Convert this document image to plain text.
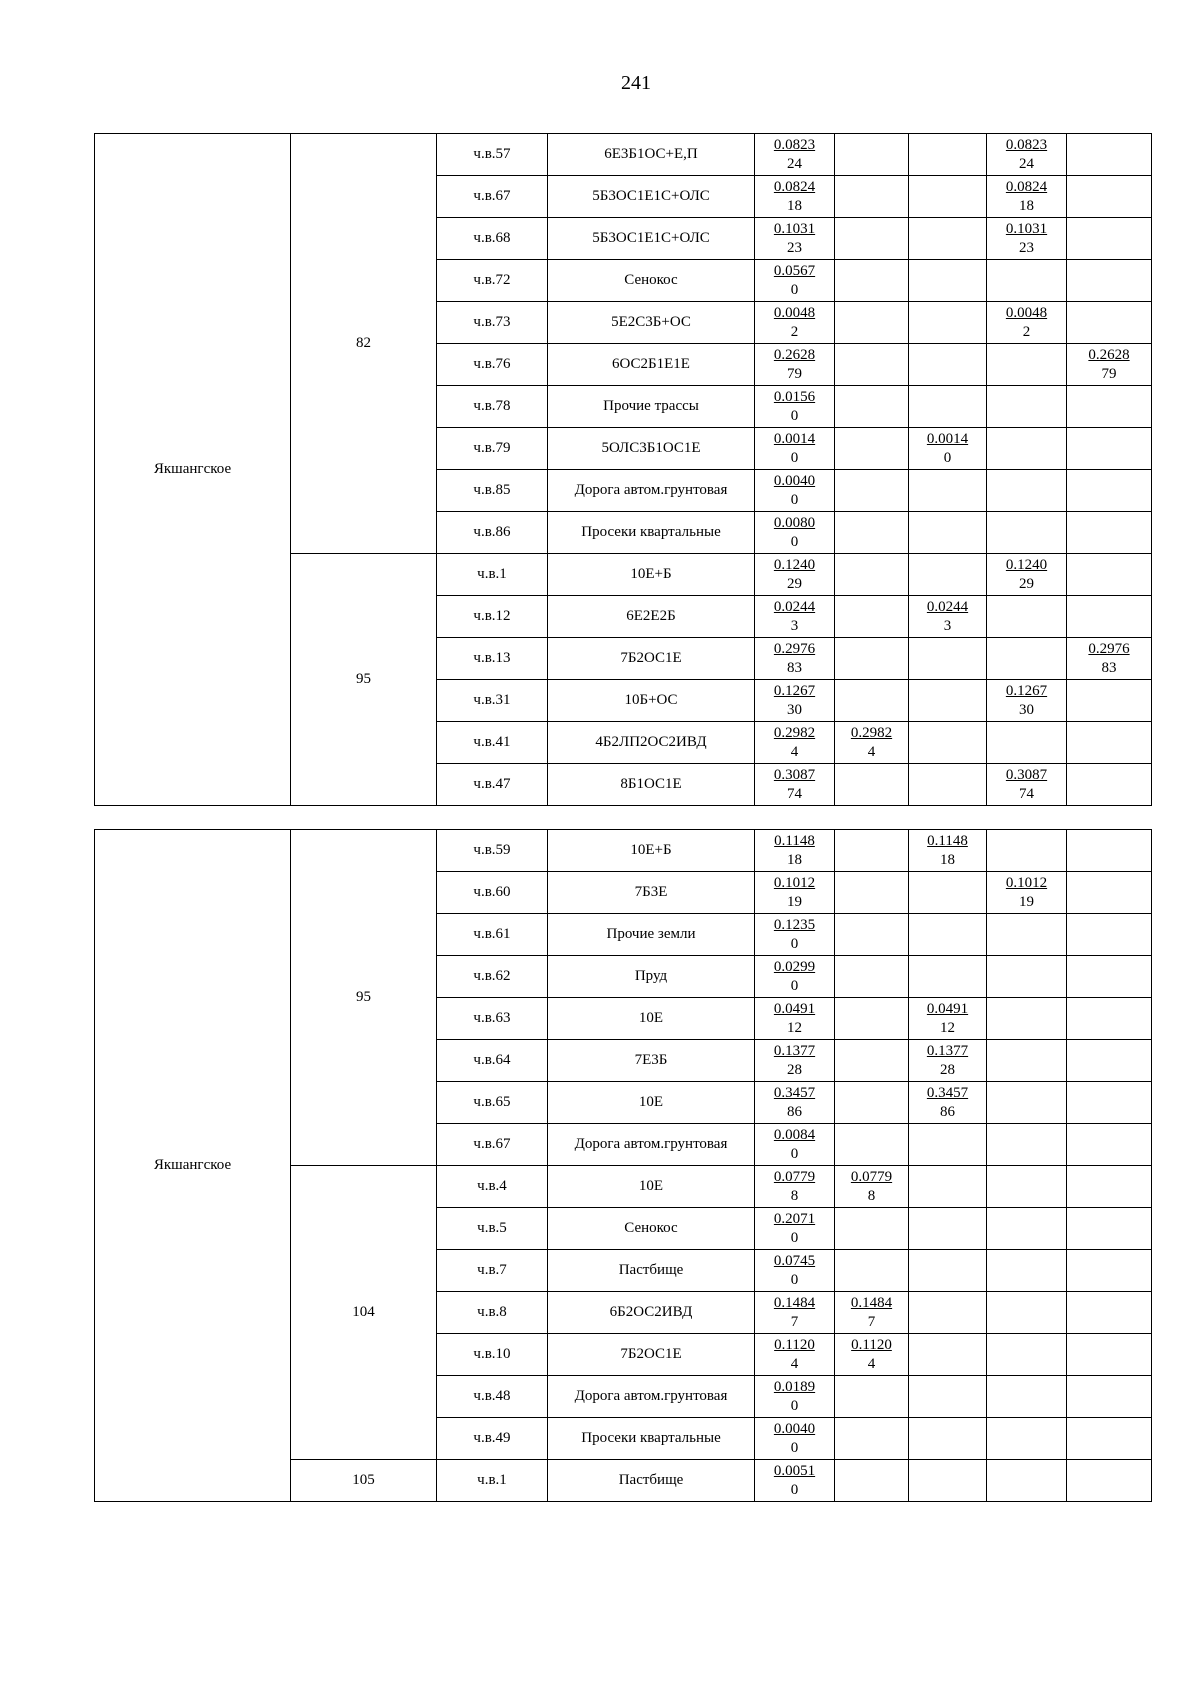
241
Якшангское	82	ч.в.57	6Е3Б1ОС+Е,П	$\frac{0.0823}{24}$			$\frac{0.0823}{24}$

		ч.в.67	5Б3ОС1Е1С+ОЛС	$\frac{0.0824}{18}$			$\frac{0.0824}{18}$

		ч.в.68	5Б3ОС1Е1С+ОЛС	$\frac{0.1031}{23}$			$\frac{0.1031}{23}$

		ч.в.72	Сенокос	$\frac{0.0567}{0}$

		ч.в.73	5Е2С3Б+ОС	$\frac{0.0048}{2}$			$\frac{0.0048}{2}$

		ч.в.76	6ОС2Б1Е1Е	$\frac{0.2628}{79}$				$\frac{0.2628}{79}$

		ч.в.78	Прочие трассы	$\frac{0.0156}{0}$

		ч.в.79	5ОЛС3Б1ОС1Е	$\frac{0.0014}{0}$		$\frac{0.0014}{0}$

		ч.в.85	Дорога автом.грунтовая	$\frac{0.0040}{0}$

		ч.в.86	Просеки квартальные	$\frac{0.0080}{0}$

	95	ч.в.1	10Е+Б	$\frac{0.1240}{29}$			$\frac{0.1240}{29}$

		ч.в.12	6Е2Е2Б	$\frac{0.0244}{3}$		$\frac{0.0244}{3}$

		ч.в.13	7Б2ОС1Е	$\frac{0.2976}{83}$				$\frac{0.2976}{83}$

		ч.в.31	10Б+ОС	$\frac{0.1267}{30}$			$\frac{0.1267}{30}$

		ч.в.41	4Б2ЛП2ОС2ИВД	$\frac{0.2982}{4}$	$\frac{0.2982}{4}$

		ч.в.47	8Б1ОС1Е	$\frac{0.3087}{74}$			$\frac{0.3087}{74}$

Якшангское	95	ч.в.59	10Е+Б	$\frac{0.1148}{18}$		$\frac{0.1148}{18}$

		ч.в.60	7Б3Е	$\frac{0.1012}{19}$			$\frac{0.1012}{19}$

		ч.в.61	Прочие земли	$\frac{0.1235}{0}$

		ч.в.62	Пруд	$\frac{0.0299}{0}$

		ч.в.63	10Е	$\frac{0.0491}{12}$		$\frac{0.0491}{12}$

		ч.в.64	7Е3Б	$\frac{0.1377}{28}$		$\frac{0.1377}{28}$

		ч.в.65	10Е	$\frac{0.3457}{86}$		$\frac{0.3457}{86}$

		ч.в.67	Дорога автом.грунтовая	$\frac{0.0084}{0}$

	104	ч.в.4	10Е	$\frac{0.0779}{8}$	$\frac{0.0779}{8}$

		ч.в.5	Сенокос	$\frac{0.2071}{0}$

		ч.в.7	Пастбище	$\frac{0.0745}{0}$

		ч.в.8	6Б2ОС2ИВД	$\frac{0.1484}{7}$	$\frac{0.1484}{7}$

		ч.в.10	7Б2ОС1Е	$\frac{0.1120}{4}$	$\frac{0.1120}{4}$

		ч.в.48	Дорога автом.грунтовая	$\frac{0.0189}{0}$

		ч.в.49	Просеки квартальные	$\frac{0.0040}{0}$

	105	ч.в.1	Пастбище	$\frac{0.0051}{0}$
